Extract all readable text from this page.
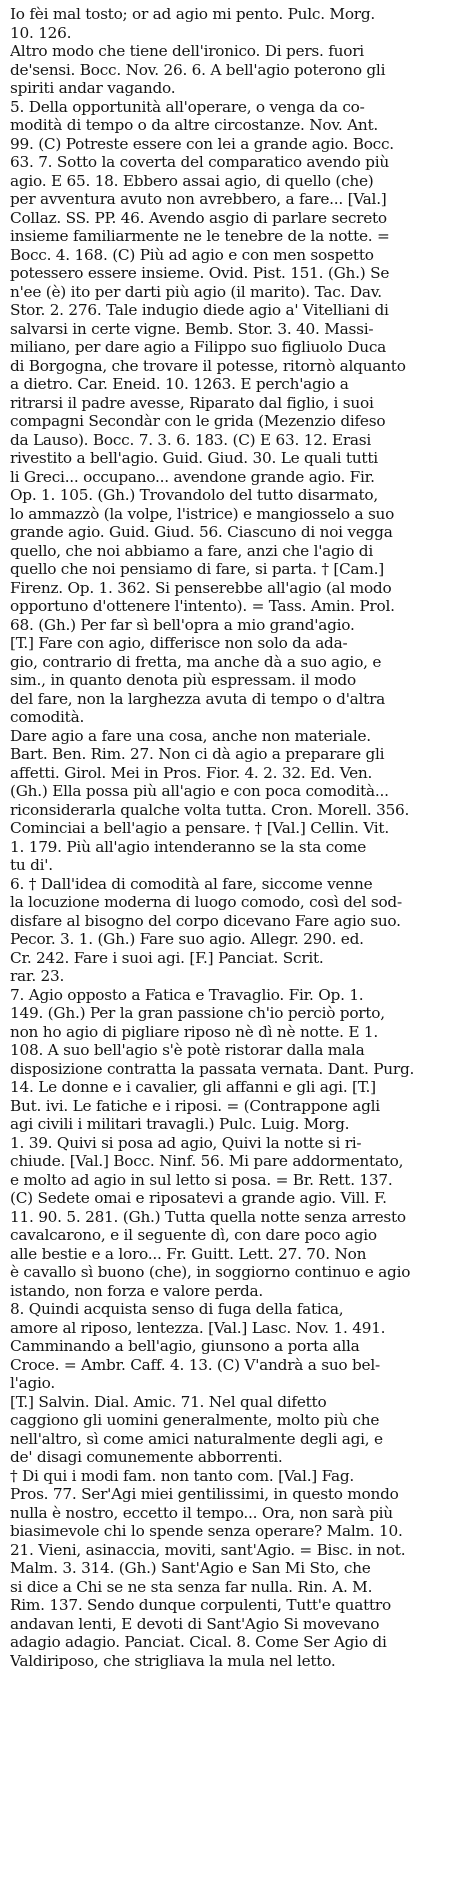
Io fèi mal tosto; or ad agio mi pento. Pulc. Morg.
10. 126.
Altro modo che tiene dell'ironico. Di pers. fuori
de'sensi. Bocc. Nov. 26. 6. A bell'agio poterono gli
spiriti andar vagando.
5. Della opportunità all'operare, o venga da co-
modità di tempo o da altre circostanze. Nov. Ant.
99. (C) Potreste essere con lei a grande agio. Bocc.
63. 7. Sotto la coverta del comparatico avendo più
agio. E 65. 18. Ebbero assai agio, di quello (che)
per avventura avuto non avrebbero, a fare... [Val.]
Collaz. SS. PP. 46. Avendo asgio di parlare secreto
insieme familiarmente ne le tenebre de la notte. =
Bocc. 4. 168. (C) Più ad agio e con men sospetto
potessero essere insieme. Ovid. Pist. 151. (Gh.) Se
n'ee (è) ito per darti più agio (il marito). Tac. Dav.
Stor. 2. 276. Tale indugio diede agio a' Vitelliani di
salvarsi in certe vigne. Bemb. Stor. 3. 40. Massi-
miliano, per dare agio a Filippo suo figliuolo Duca
di Borgogna, che trovare il potesse, ritornò alquanto
a dietro. Car. Eneid. 10. 1263. E perch'agio a
ritrarsi il padre avesse, Riparato dal figlio, i suoi
compagni Secondàr con le grida (Mezenzio difeso
da Lauso). Bocc. 7. 3. 6. 183. (C) E 63. 12. Erasi
rivestito a bell'agio. Guid. Giud. 30. Le quali tutti
li Greci... occupano... avendone grande agio. Fir.
Op. 1. 105. (Gh.) Trovandolo del tutto disarmato,
lo ammazzò (la volpe, l'istrice) e mangiosselo a suo
grande agio. Guid. Giud. 56. Ciascuno di noi vegga
quello, che noi abbiamo a fare, anzi che l'agio di
quello che noi pensiamo di fare, si parta. † [Cam.]
Firenz. Op. 1. 362. Si penserebbe all'agio (al modo
opportuno d'ottenere l'intento). = Tass. Amin. Prol.
68. (Gh.) Per far sì bell'opra a mio grand'agio.
[T.] Fare con agio, differisce non solo da ada-
gio, contrario di fretta, ma anche dà a suo agio, e
sim., in quanto denota più espressam. il modo
del fare, non la larghezza avuta di tempo o d'altra
comodità.
Dare agio a fare una cosa, anche non materiale.
Bart. Ben. Rim. 27. Non ci dà agio a preparare gli
affetti. Girol. Mei in Pros. Fior. 4. 2. 32. Ed. Ven.
(Gh.) Ella possa più all'agio e con poca comodità...
riconsiderarla qualche volta tutta. Cron. Morell. 356.
Cominciai a bell'agio a pensare. † [Val.] Cellin. Vit.
1. 179. Più all'agio intenderanno se la sta come
tu di'.
6. † Dall'idea di comodità al fare, siccome venne
la locuzione moderna di luogo comodo, così del sod-
disfare al bisogno del corpo dicevano Fare agio suo.
Pecor. 3. 1. (Gh.) Fare suo agio. Allegr. 290. ed.
Cr. 242. Fare i suoi agi. [F.] Panciat. Scrit.
rar. 23.
7. Agio opposto a Fatica e Travaglio. Fir. Op. 1.
149. (Gh.) Per la gran passione ch'io perciò porto,
non ho agio di pigliare riposo nè dì nè notte. E 1.
108. A suo bell'agio s'è potè ristorar dalla mala
disposizione contratta la passata vernata. Dant. Purg.
14. Le donne e i cavalier, gli affanni e gli agi. [T.]
But. ivi. Le fatiche e i riposi. = (Contrappone agli
agi civili i militari travagli.) Pulc. Luig. Morg.
1. 39. Quivi si posa ad agio, Quivi la notte si ri-
chiude. [Val.] Bocc. Ninf. 56. Mi pare addormentato,
e molto ad agio in sul letto si posa. = Br. Rett. 137.
(C) Sedete omai e riposatevi a grande agio. Vill. F.
11. 90. 5. 281. (Gh.) Tutta quella notte senza arresto
cavalcarono, e il seguente dì, con dare poco agio
alle bestie e a loro... Fr. Guitt. Lett. 27. 70. Non
è cavallo sì buono (che), in soggiorno continuo e agio
istando, non forza e valore perda.
8. Quindi acquista senso di fuga della fatica,
amore al riposo, lentezza. [Val.] Lasc. Nov. 1. 491.
Camminando a bell'agio, giunsono a porta alla
Croce. = Ambr. Caff. 4. 13. (C) V'andrà a suo bel-
l'agio.
[T.] Salvin. Dial. Amic. 71. Nel qual difetto
caggiono gli uomini generalmente, molto più che
nell'altro, sì come amici naturalmente degli agi, e
de' disagi comunemente abborrenti.
† Di qui i modi fam. non tanto com. [Val.] Fag.
Pros. 77. Ser'Agi miei gentilissimi, in questo mondo
nulla è nostro, eccetto il tempo... Ora, non sarà più
biasimevole chi lo spende senza operare? Malm. 10.
21. Vieni, asinaccia, moviti, sant'Agio. = Bisc. in not.
Malm. 3. 314. (Gh.) Sant'Agio e San Mi Sto, che
si dice a Chi se ne sta senza far nulla. Rin. A. M.
Rim. 137. Sendo dunque corpulenti, Tutt'e quattro
andavan lenti, E devoti di Sant'Agio Si movevano
adagio adagio. Panciat. Cical. 8. Come Ser Agio di
Valdiriposo, che strigliava la mula nel letto.
